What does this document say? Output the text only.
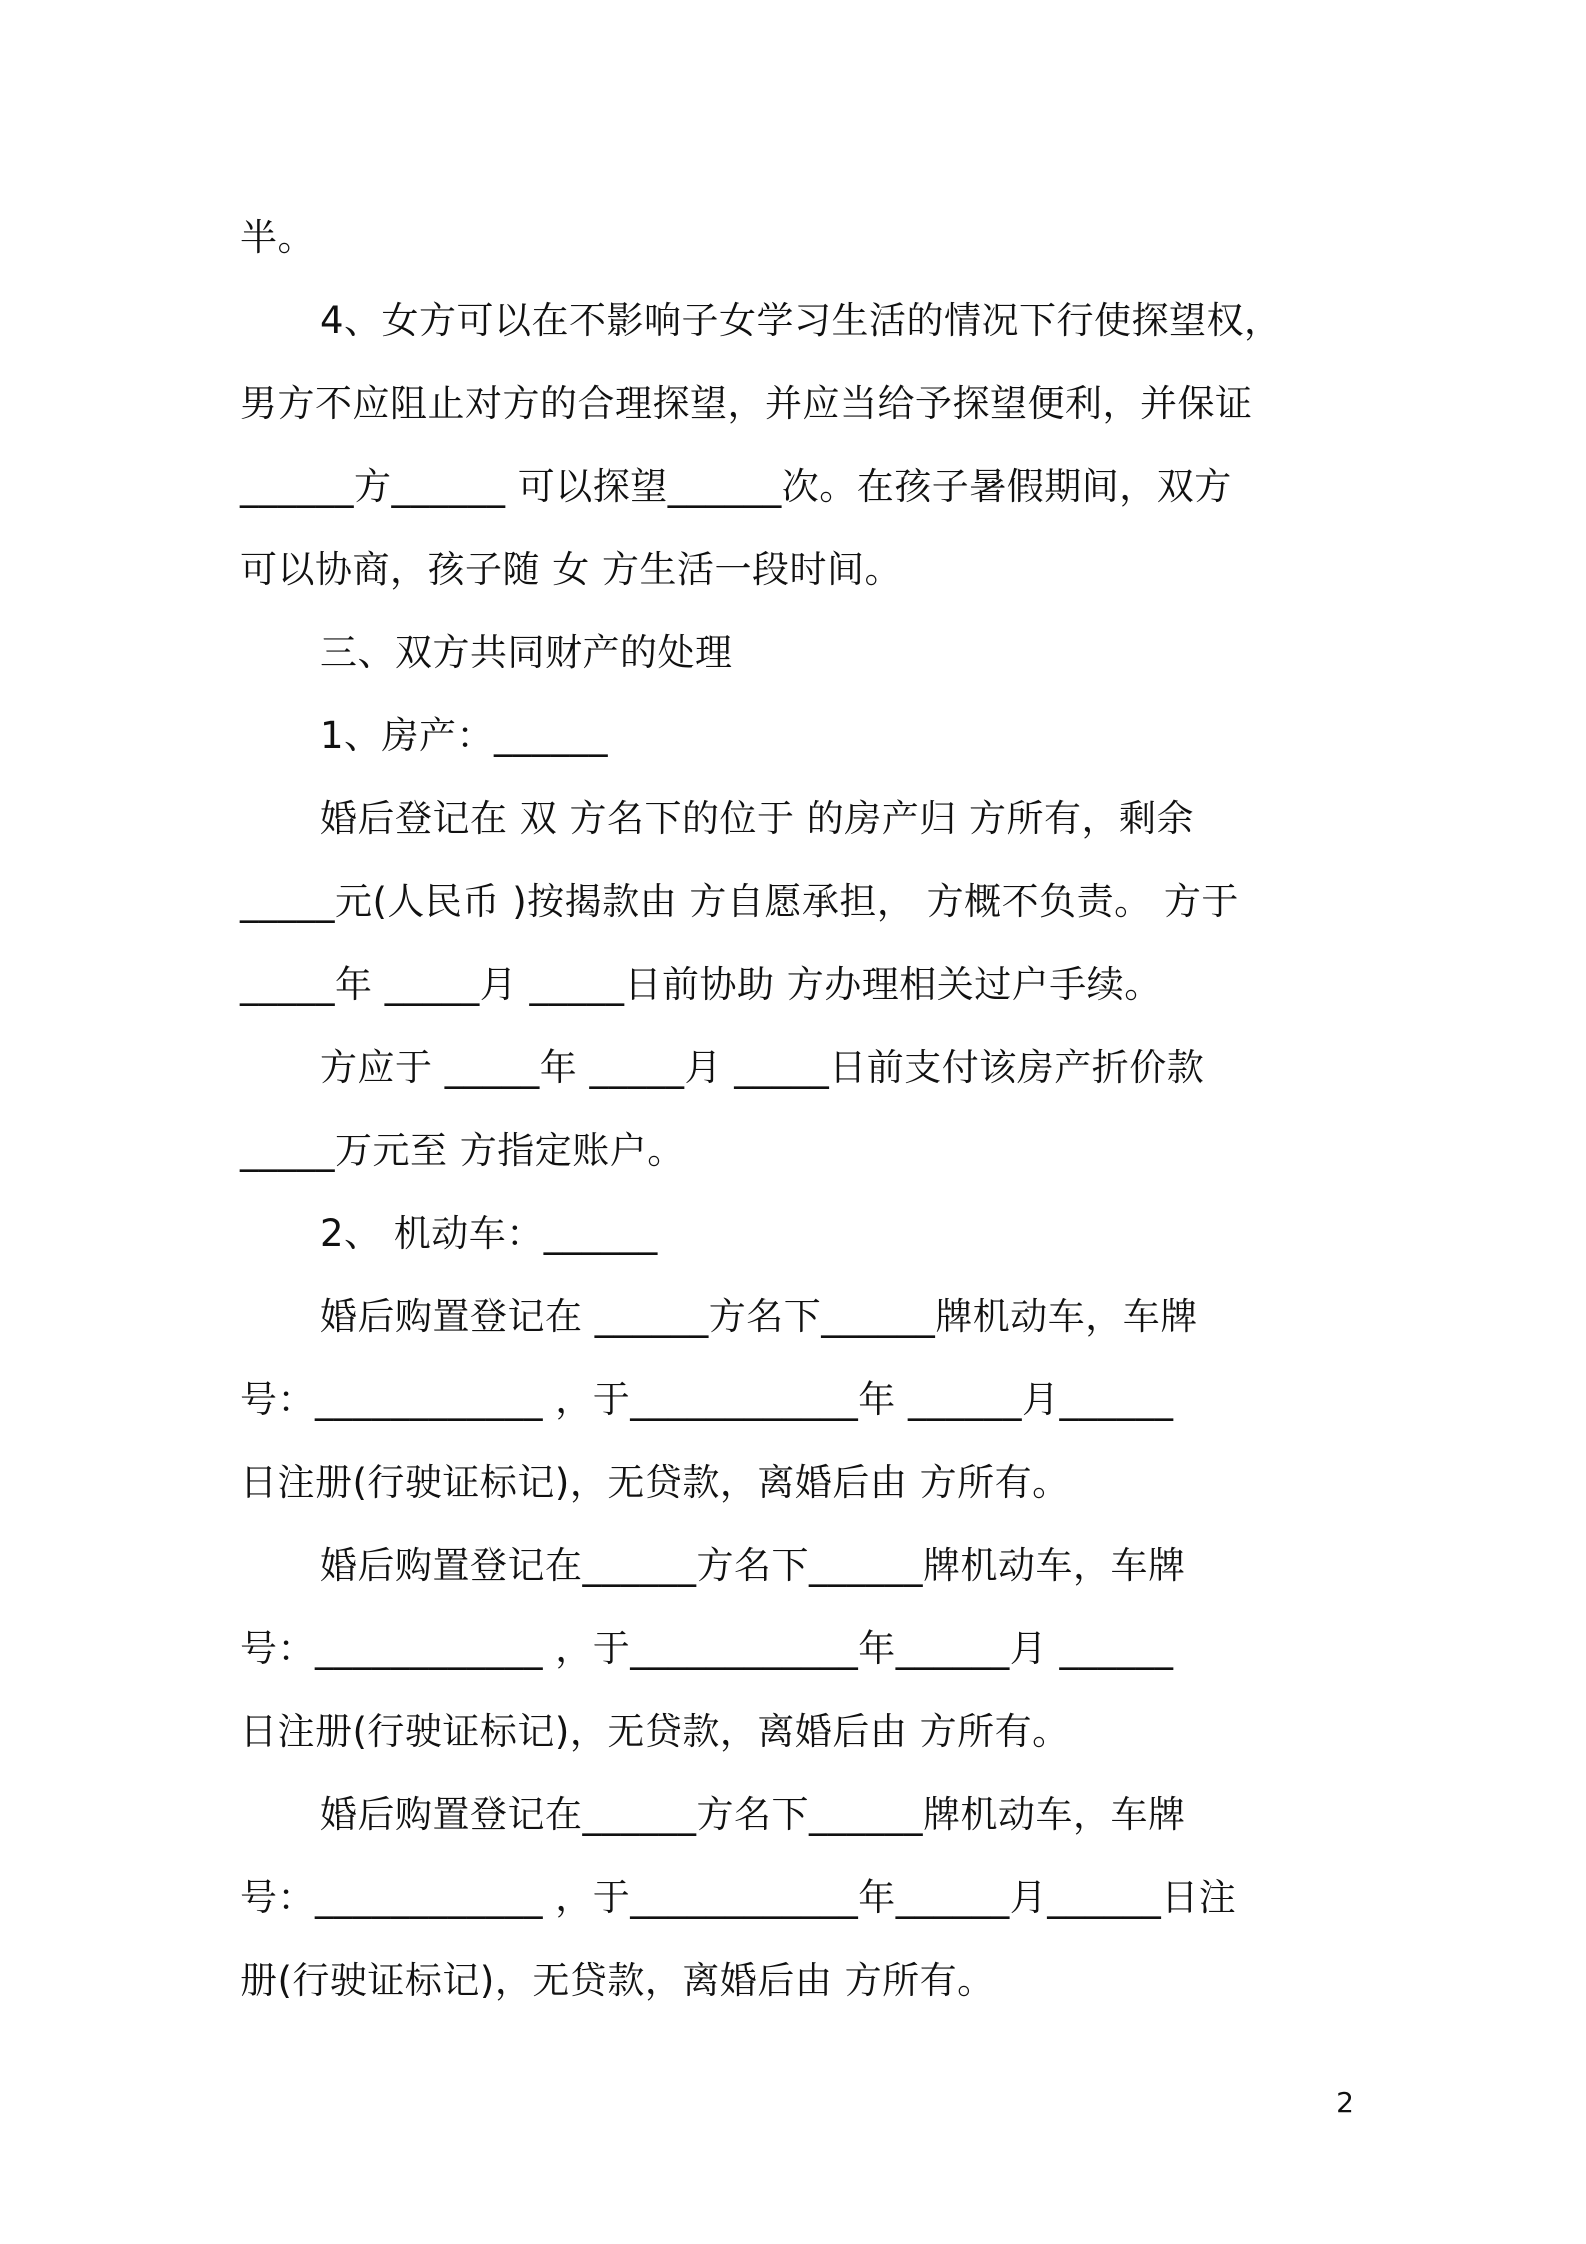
半。
4、女方可以在不影响子女学习生活的情况下行使探望权，
男方不应阻止对方的合理探望，并应当给予探望便利，并保证
______方______ 可以探望______次。在孩子暑假期间，双方
可以协商，孩子随 女 方生活一段时间。
三、双方共同财产的处理
1、房产：______
婚后登记在 双 方名下的位于 的房产归 方所有，剩余
_____元(人民币 )按揭款由 方自愿承担， 方概不负责。 方于
_____年 _____月 _____日前协助 方办理相关过户手续。
方应于 _____年 _____月 _____日前支付该房产折价款
_____万元至 方指定账户。
2、 机动车：______
婚后购置登记在 ______方名下______牌机动车，车牌
号：____________ ，于____________年 ______月______
日注册(行驶证标记)，无贷款，离婚后由 方所有。
婚后购置登记在______方名下______牌机动车，车牌
号：____________ ，于____________年______月 ______
日注册(行驶证标记)，无贷款，离婚后由 方所有。
婚后购置登记在______方名下______牌机动车，车牌
号：____________ ，于____________年______月______日注
册(行驶证标记)，无贷款，离婚后由 方所有。
2
